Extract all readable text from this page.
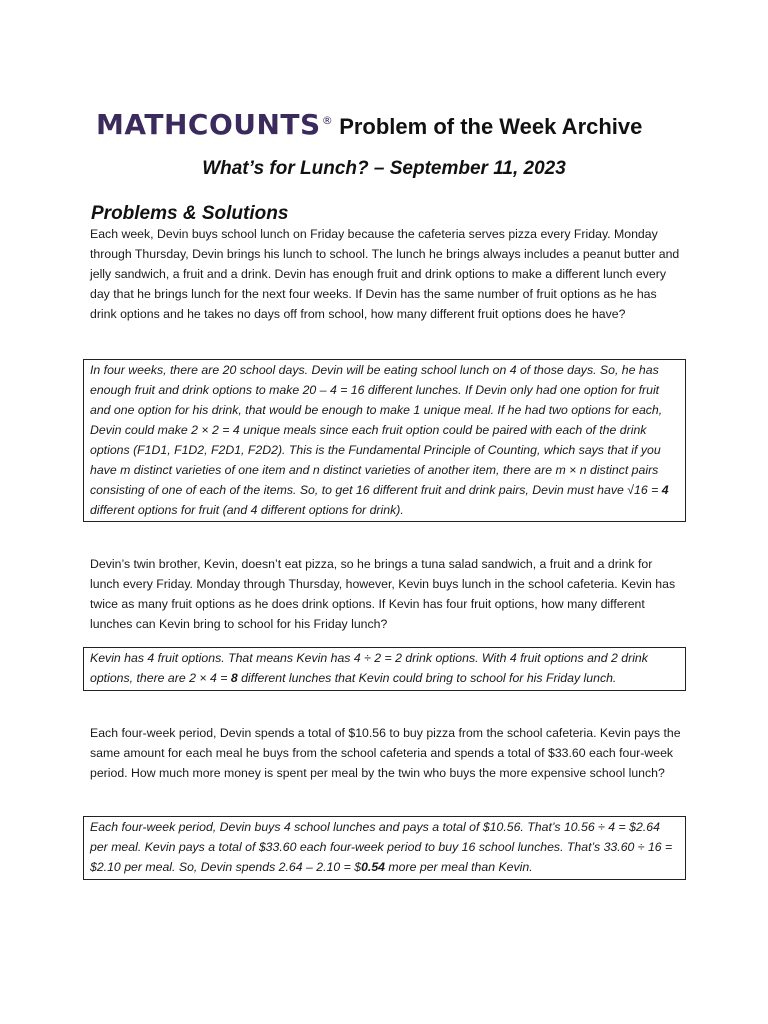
MATHCOUNTS® Problem of the Week Archive
What’s for Lunch? – September 11, 2023
Problems & Solutions

Each week, Devin buys school lunch on Friday because the cafeteria serves pizza every Friday. Monday through Thursday, Devin brings his lunch to school. The lunch he brings always includes a peanut butter and jelly sandwich, a fruit and a drink. Devin has enough fruit and drink options to make a different lunch every day that he brings lunch for the next four weeks. If Devin has the same number of fruit options as he has drink options and he takes no days off from school, how many different fruit options does he have?

In four weeks, there are 20 school days. Devin will be eating school lunch on 4 of those days. So, he has enough fruit and drink options to make 20 – 4 = 16 different lunches. If Devin only had one option for fruit and one option for his drink, that would be enough to make 1 unique meal. If he had two options for each, Devin could make 2 × 2 = 4 unique meals since each fruit option could be paired with each of the drink options (F1D1, F1D2, F2D1, F2D2). This is the Fundamental Principle of Counting, which says that if you have m distinct varieties of one item and n distinct varieties of another item, there are m × n distinct pairs consisting of one of each of the items. So, to get 16 different fruit and drink pairs, Devin must have √16 = 4 different options for fruit (and 4 different options for drink).

Devin’s twin brother, Kevin, doesn’t eat pizza, so he brings a tuna salad sandwich, a fruit and a drink for lunch every Friday. Monday through Thursday, however, Kevin buys lunch in the school cafeteria. Kevin has twice as many fruit options as he does drink options. If Kevin has four fruit options, how many different lunches can Kevin bring to school for his Friday lunch?

Kevin has 4 fruit options. That means Kevin has 4 ÷ 2 = 2 drink options. With 4 fruit options and 2 drink options, there are 2 × 4 = 8 different lunches that Kevin could bring to school for his Friday lunch.

Each four-week period, Devin spends a total of $10.56 to buy pizza from the school cafeteria. Kevin pays the same amount for each meal he buys from the school cafeteria and spends a total of $33.60 each four-week period. How much more money is spent per meal by the twin who buys the more expensive school lunch?

Each four-week period, Devin buys 4 school lunches and pays a total of $10.56. That’s 10.56 ÷ 4 = $2.64 per meal. Kevin pays a total of $33.60 each four-week period to buy 16 school lunches. That’s 33.60 ÷ 16 = $2.10 per meal. So, Devin spends 2.64 – 2.10 = $0.54 more per meal than Kevin.
